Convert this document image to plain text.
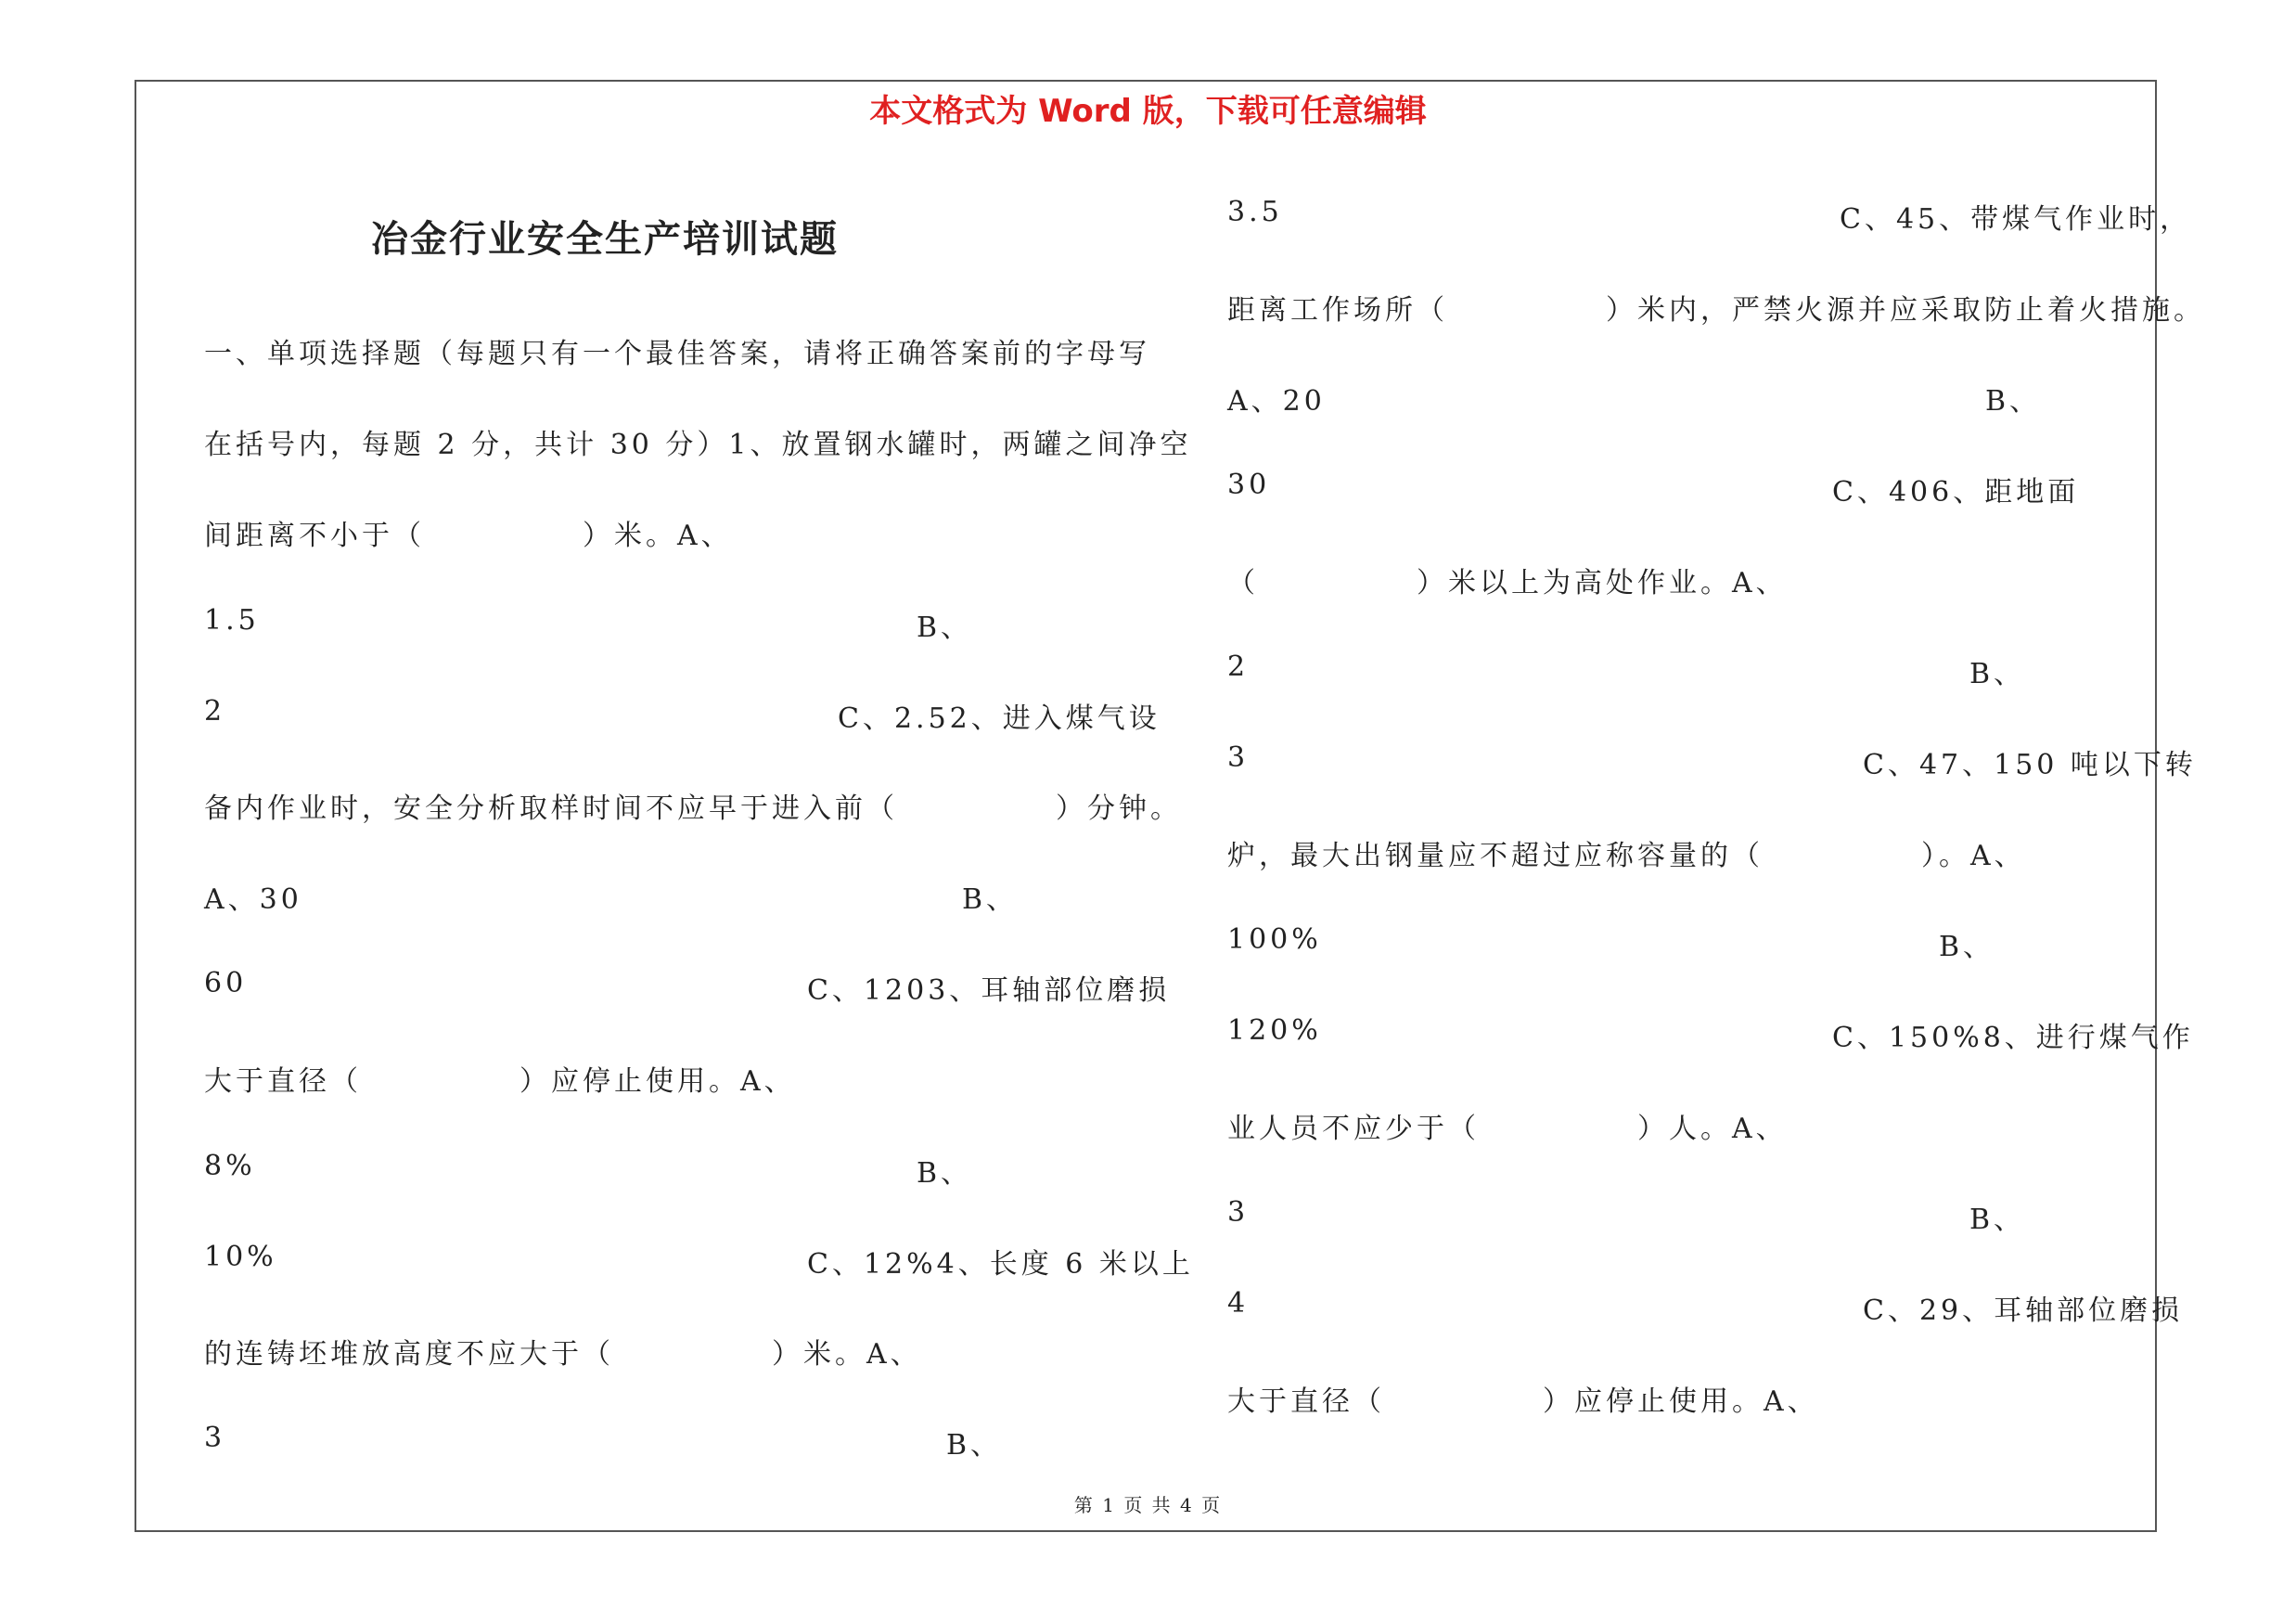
本文格式为 Word 版，下载可任意编辑
冶金行业安全生产培训试题
一、单项选择题（每题只有一个最佳答案，请将正确答案前的字母写
在括号内，每题 2 分，共计 30 分）1、放置钢水罐时，两罐之间净空
间距离不小于（　　　　　）米。A、
1.5	B、
2	C、2.52、进入煤气设
备内作业时，安全分析取样时间不应早于进入前（　　　　　）分钟。
A、30	B、
60	C、1203、耳轴部位磨损
大于直径（　　　　　）应停止使用。A、
8%	B、
10%	C、12%4、长度 6 米以上
的连铸坯堆放高度不应大于（　　　　　）米。A、
3	B、
3.5	C、45、带煤气作业时，
距离工作场所（　　　　　）米内，严禁火源并应采取防止着火措施。
A、20	B、
30	C、406、距地面
（　　　　　）米以上为高处作业。A、
2	B、
3	C、47、150 吨以下转
炉，最大出钢量应不超过应称容量的（　　　　　）。A、
100%	B、
120%	C、150%8、进行煤气作
业人员不应少于（　　　　　）人。A、
3	B、
4	C、29、耳轴部位磨损
大于直径（　　　　　）应停止使用。A、
第 1 页 共 4 页
